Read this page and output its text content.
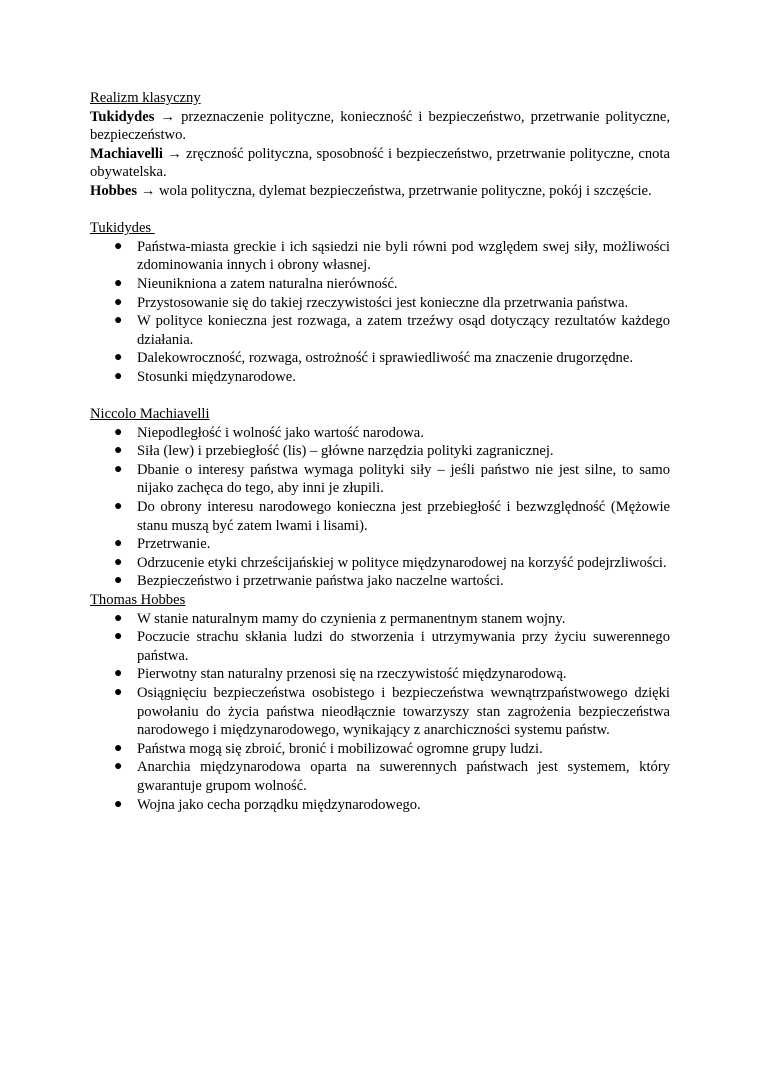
Realizm klasyczny

Tukidydes → przeznaczenie polityczne, konieczność i bezpieczeństwo, przetrwanie polityczne, bezpieczeństwo.

Machiavelli → zręczność polityczna, sposobność i bezpieczeństwo, przetrwanie polityczne, cnota obywatelska.

Hobbes → wola polityczna, dylemat bezpieczeństwa, przetrwanie polityczne, pokój i szczęście.

Tukidydes

● Państwa-miasta greckie i ich sąsiedzi nie byli równi pod względem swej siły, możliwości zdominowania innych i obrony własnej.
● Nieunikniona a zatem naturalna nierówność.
● Przystosowanie się do takiej rzeczywistości jest konieczne dla przetrwania państwa.
● W polityce konieczna jest rozwaga, a zatem trzeźwy osąd dotyczący rezultatów każdego działania.
● Dalekowroczność, rozwaga, ostrożność i sprawiedliwość ma znaczenie drugorzędne.
● Stosunki międzynarodowe.

Niccolo Machiavelli

● Niepodległość i wolność jako wartość narodowa.
● Siła (lew) i przebiegłość (lis) – główne narzędzia polityki zagranicznej.
● Dbanie o interesy państwa wymaga polityki siły – jeśli państwo nie jest silne, to samo nijako zachęca do tego, aby inni je złupili.
● Do obrony interesu narodowego konieczna jest przebiegłość i bezwzględność (Mężowie stanu muszą być zatem lwami i lisami).
● Przetrwanie.
● Odrzucenie etyki chrześcijańskiej w polityce międzynarodowej na korzyść podejrzliwości.
● Bezpieczeństwo i przetrwanie państwa jako naczelne wartości.

Thomas Hobbes

● W stanie naturalnym mamy do czynienia z permanentnym stanem wojny.
● Poczucie strachu skłania ludzi do stworzenia i utrzymywania przy życiu suwerennego państwa.
● Pierwotny stan naturalny przenosi się na rzeczywistość międzynarodową.
● Osiągnięciu bezpieczeństwa osobistego i bezpieczeństwa wewnątrzpaństwowego dzięki powołaniu do życia państwa nieodłącznie towarzyszy stan zagrożenia bezpieczeństwa narodowego i międzynarodowego, wynikający z anarchiczności systemu państw.
● Państwa mogą się zbroić, bronić i mobilizować ogromne grupy ludzi.
● Anarchia międzynarodowa oparta na suwerennych państwach jest systemem, który gwarantuje grupom wolność.
● Wojna jako cecha porządku międzynarodowego.
